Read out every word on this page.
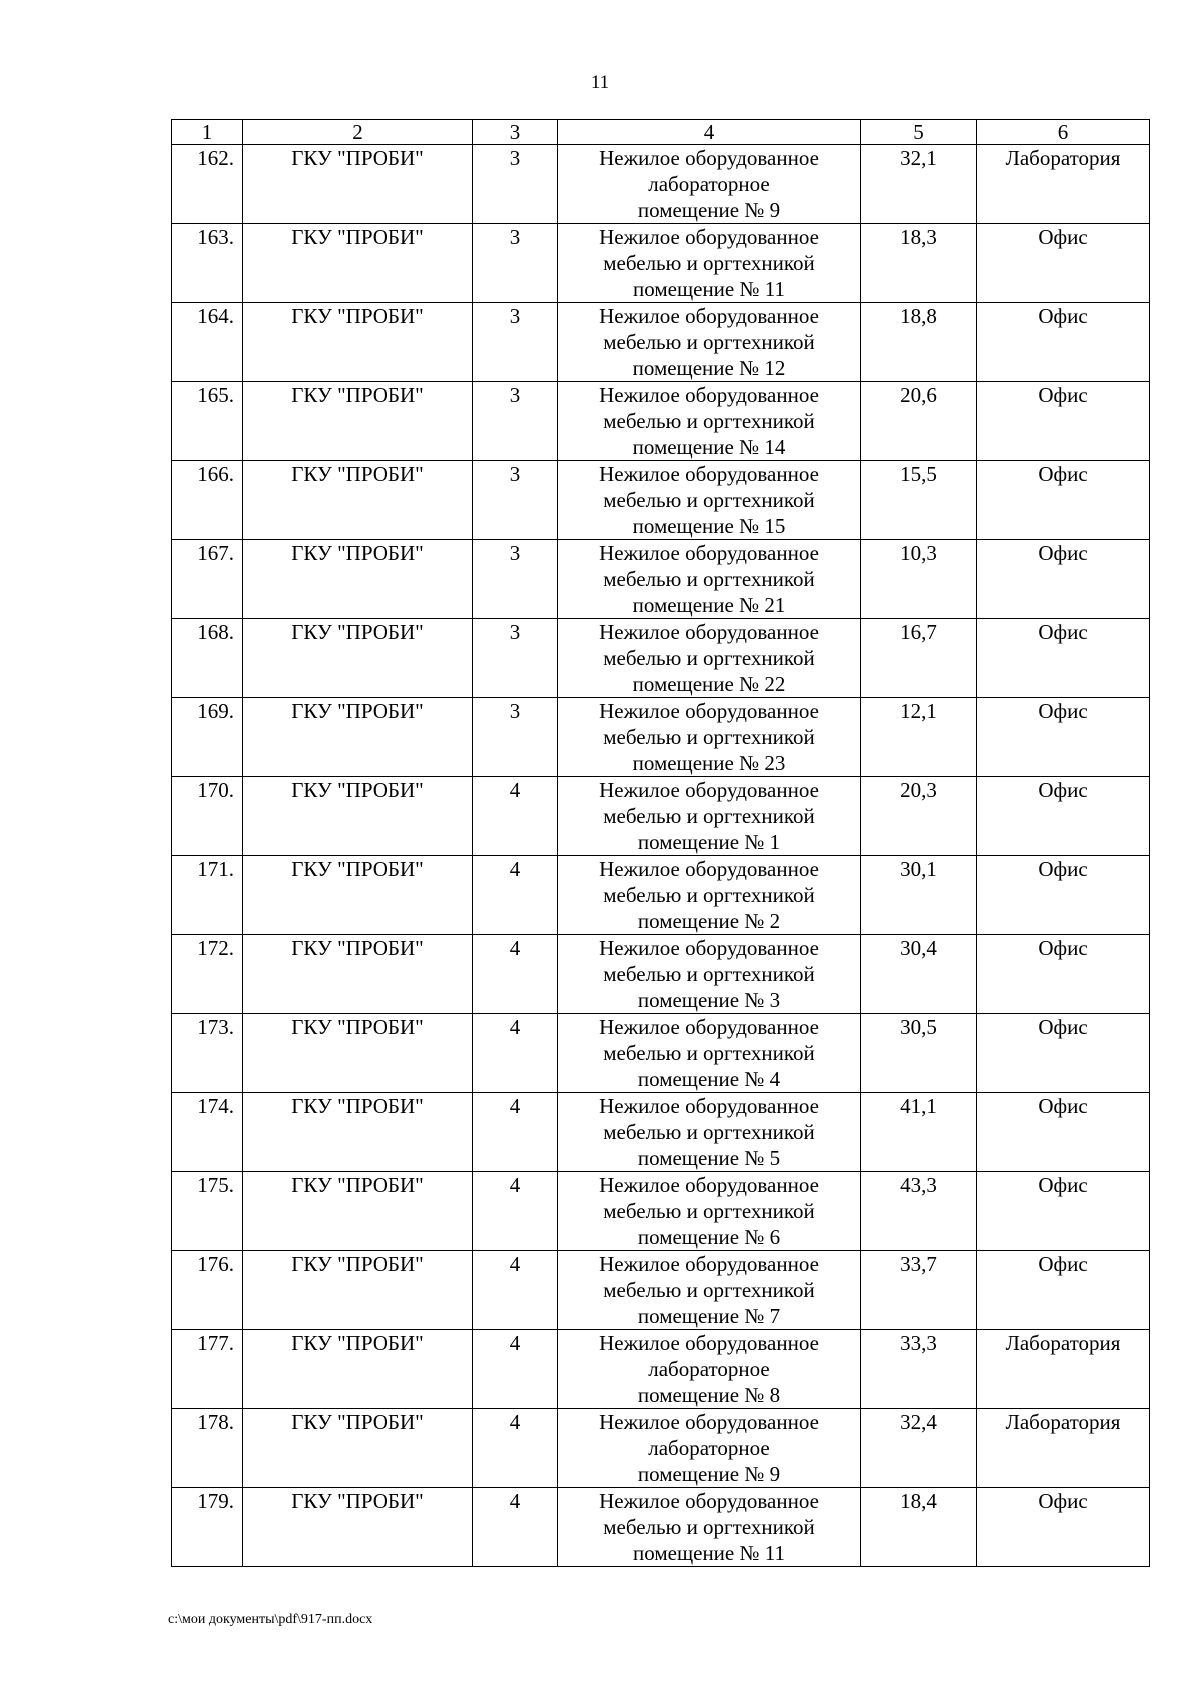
11
1	2	3	4	5	6
162.	ГКУ "ПРОБИ"	3	Нежилое оборудованное
лабораторное
помещение № 9	32,1	Лаборатория
163.	ГКУ "ПРОБИ"	3	Нежилое оборудованное
мебелью и оргтехникой
помещение № 11	18,3	Офис
164.	ГКУ "ПРОБИ"	3	Нежилое оборудованное
мебелью и оргтехникой
помещение № 12	18,8	Офис
165.	ГКУ "ПРОБИ"	3	Нежилое оборудованное
мебелью и оргтехникой
помещение № 14	20,6	Офис
166.	ГКУ "ПРОБИ"	3	Нежилое оборудованное
мебелью и оргтехникой
помещение № 15	15,5	Офис
167.	ГКУ "ПРОБИ"	3	Нежилое оборудованное
мебелью и оргтехникой
помещение № 21	10,3	Офис
168.	ГКУ "ПРОБИ"	3	Нежилое оборудованное
мебелью и оргтехникой
помещение № 22	16,7	Офис
169.	ГКУ "ПРОБИ"	3	Нежилое оборудованное
мебелью и оргтехникой
помещение № 23	12,1	Офис
170.	ГКУ "ПРОБИ"	4	Нежилое оборудованное
мебелью и оргтехникой
помещение № 1	20,3	Офис
171.	ГКУ "ПРОБИ"	4	Нежилое оборудованное
мебелью и оргтехникой
помещение № 2	30,1	Офис
172.	ГКУ "ПРОБИ"	4	Нежилое оборудованное
мебелью и оргтехникой
помещение № 3	30,4	Офис
173.	ГКУ "ПРОБИ"	4	Нежилое оборудованное
мебелью и оргтехникой
помещение № 4	30,5	Офис
174.	ГКУ "ПРОБИ"	4	Нежилое оборудованное
мебелью и оргтехникой
помещение № 5	41,1	Офис
175.	ГКУ "ПРОБИ"	4	Нежилое оборудованное
мебелью и оргтехникой
помещение № 6	43,3	Офис
176.	ГКУ "ПРОБИ"	4	Нежилое оборудованное
мебелью и оргтехникой
помещение № 7	33,7	Офис
177.	ГКУ "ПРОБИ"	4	Нежилое оборудованное
лабораторное
помещение № 8	33,3	Лаборатория
178.	ГКУ "ПРОБИ"	4	Нежилое оборудованное
лабораторное
помещение № 9	32,4	Лаборатория
179.	ГКУ "ПРОБИ"	4	Нежилое оборудованное
мебелью и оргтехникой
помещение № 11	18,4	Офис
c:\мои документы\pdf\917-пп.docx
